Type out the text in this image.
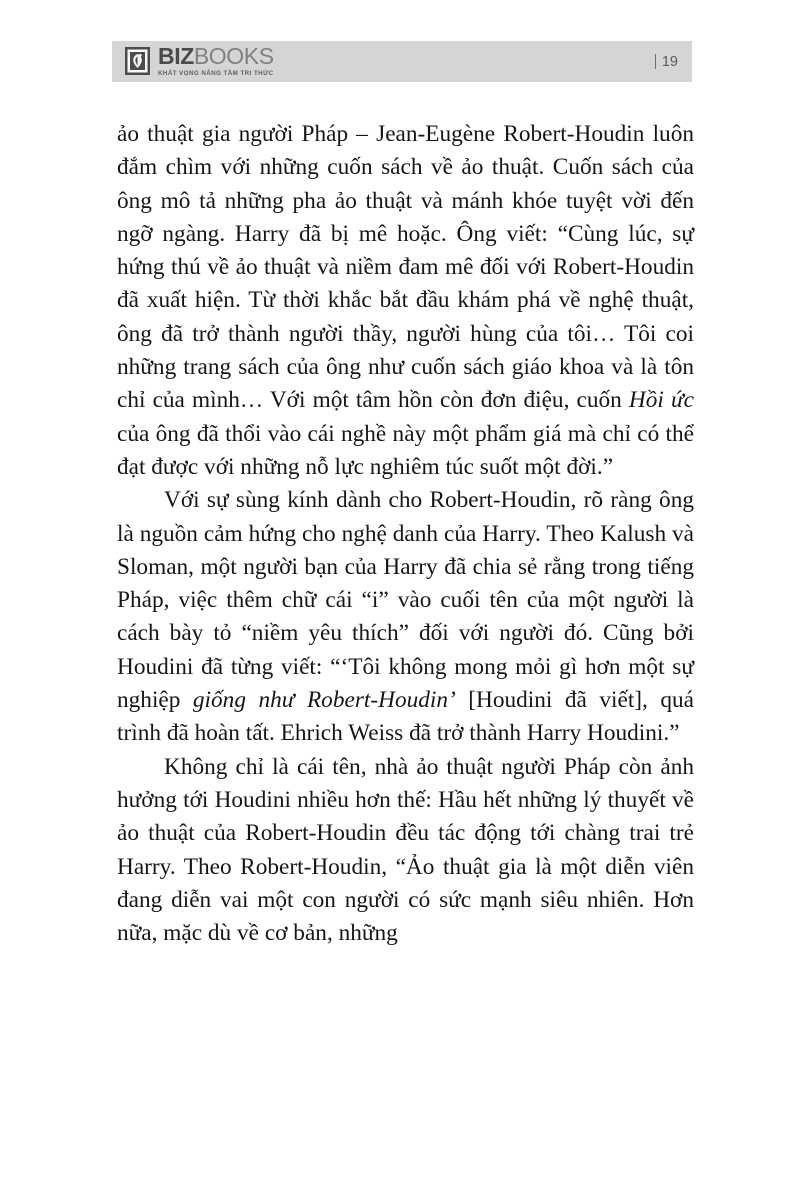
BIZBOOKS
KHÁT VỌNG NÂNG TẦM TRI THỨC
19

ảo thuật gia người Pháp – Jean-Eugène Robert-Houdin luôn đắm chìm với những cuốn sách về ảo thuật. Cuốn sách của ông mô tả những pha ảo thuật và mánh khóe tuyệt vời đến ngỡ ngàng. Harry đã bị mê hoặc. Ông viết: “Cùng lúc, sự hứng thú về ảo thuật và niềm đam mê đối với Robert-Houdin đã xuất hiện. Từ thời khắc bắt đầu khám phá về nghệ thuật, ông đã trở thành người thầy, người hùng của tôi… Tôi coi những trang sách của ông như cuốn sách giáo khoa và là tôn chỉ của mình… Với một tâm hồn còn đơn điệu, cuốn Hồi ức của ông đã thổi vào cái nghề này một phẩm giá mà chỉ có thể đạt được với những nỗ lực nghiêm túc suốt một đời.”

Với sự sùng kính dành cho Robert-Houdin, rõ ràng ông là nguồn cảm hứng cho nghệ danh của Harry. Theo Kalush và Sloman, một người bạn của Harry đã chia sẻ rằng trong tiếng Pháp, việc thêm chữ cái “i” vào cuối tên của một người là cách bày tỏ “niềm yêu thích” đối với người đó. Cũng bởi Houdini đã từng viết: “‘Tôi không mong mỏi gì hơn một sự nghiệp giống như Robert-Houdin’ [Houdini đã viết], quá trình đã hoàn tất. Ehrich Weiss đã trở thành Harry Houdini.”

Không chỉ là cái tên, nhà ảo thuật người Pháp còn ảnh hưởng tới Houdini nhiều hơn thế: Hầu hết những lý thuyết về ảo thuật của Robert-Houdin đều tác động tới chàng trai trẻ Harry. Theo Robert-Houdin, “Ảo thuật gia là một diễn viên đang diễn vai một con người có sức mạnh siêu nhiên. Hơn nữa, mặc dù về cơ bản, những
